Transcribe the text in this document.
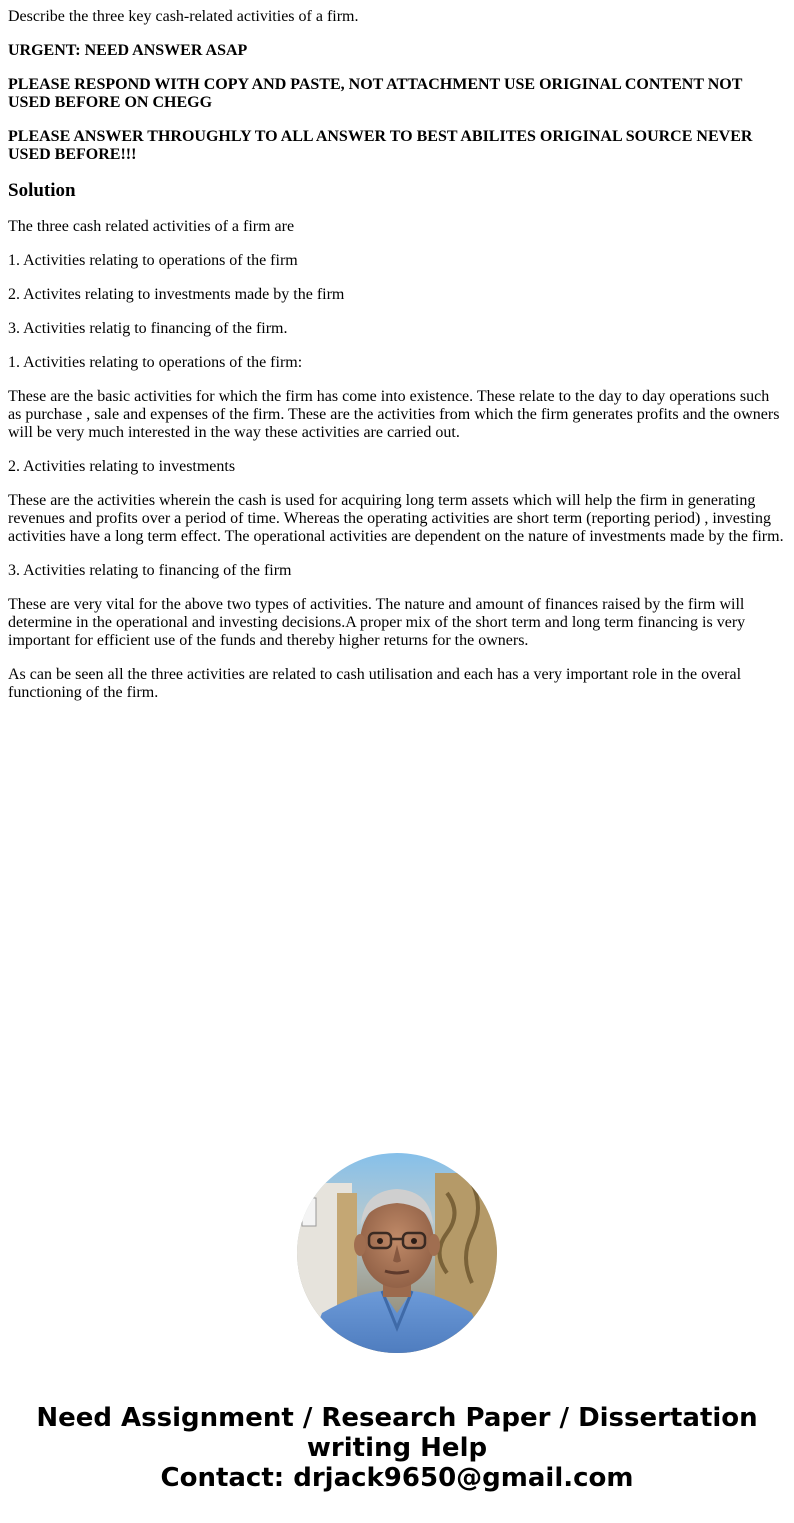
Describe the three key cash-related activities of a firm.

URGENT: NEED ANSWER ASAP

PLEASE RESPOND WITH COPY AND PASTE, NOT ATTACHMENT USE ORIGINAL CONTENT NOT USED BEFORE ON CHEGG

PLEASE ANSWER THROUGHLY TO ALL ANSWER TO BEST ABILITES ORIGINAL SOURCE NEVER USED BEFORE!!!

Solution

The three cash related activities of a firm are

1. Activities relating to operations of the firm

2. Activites relating to investments made by the firm

3. Activities relatig to financing of the firm.

1. Activities relating to operations of the firm:

These are the basic activities for which the firm has come into existence. These relate to the day to day operations such as purchase , sale and expenses of the firm. These are the activities from which the firm generates profits and the owners will be very much interested in the way these activities are carried out.

2. Activities relating to investments

These are the activities wherein the cash is used for acquiring long term assets which will help the firm in generating revenues and profits over a period of time. Whereas the operating activities are short term (reporting period) , investing activities have a long term effect. The operational activities are dependent on the nature of investments made by the firm.

3. Activities relating to financing of the firm

These are very vital for the above two types of activities. The nature and amount of finances raised by the firm will determine in the operational and investing decisions.A proper mix of the short term and long term financing is very important for efficient use of the funds and thereby higher returns for the owners.

As can be seen all the three activities are related to cash utilisation and each has a very important role in the overal functioning of the firm.

Need Assignment / Research Paper / Dissertation
writing Help
Contact: drjack9650@gmail.com
